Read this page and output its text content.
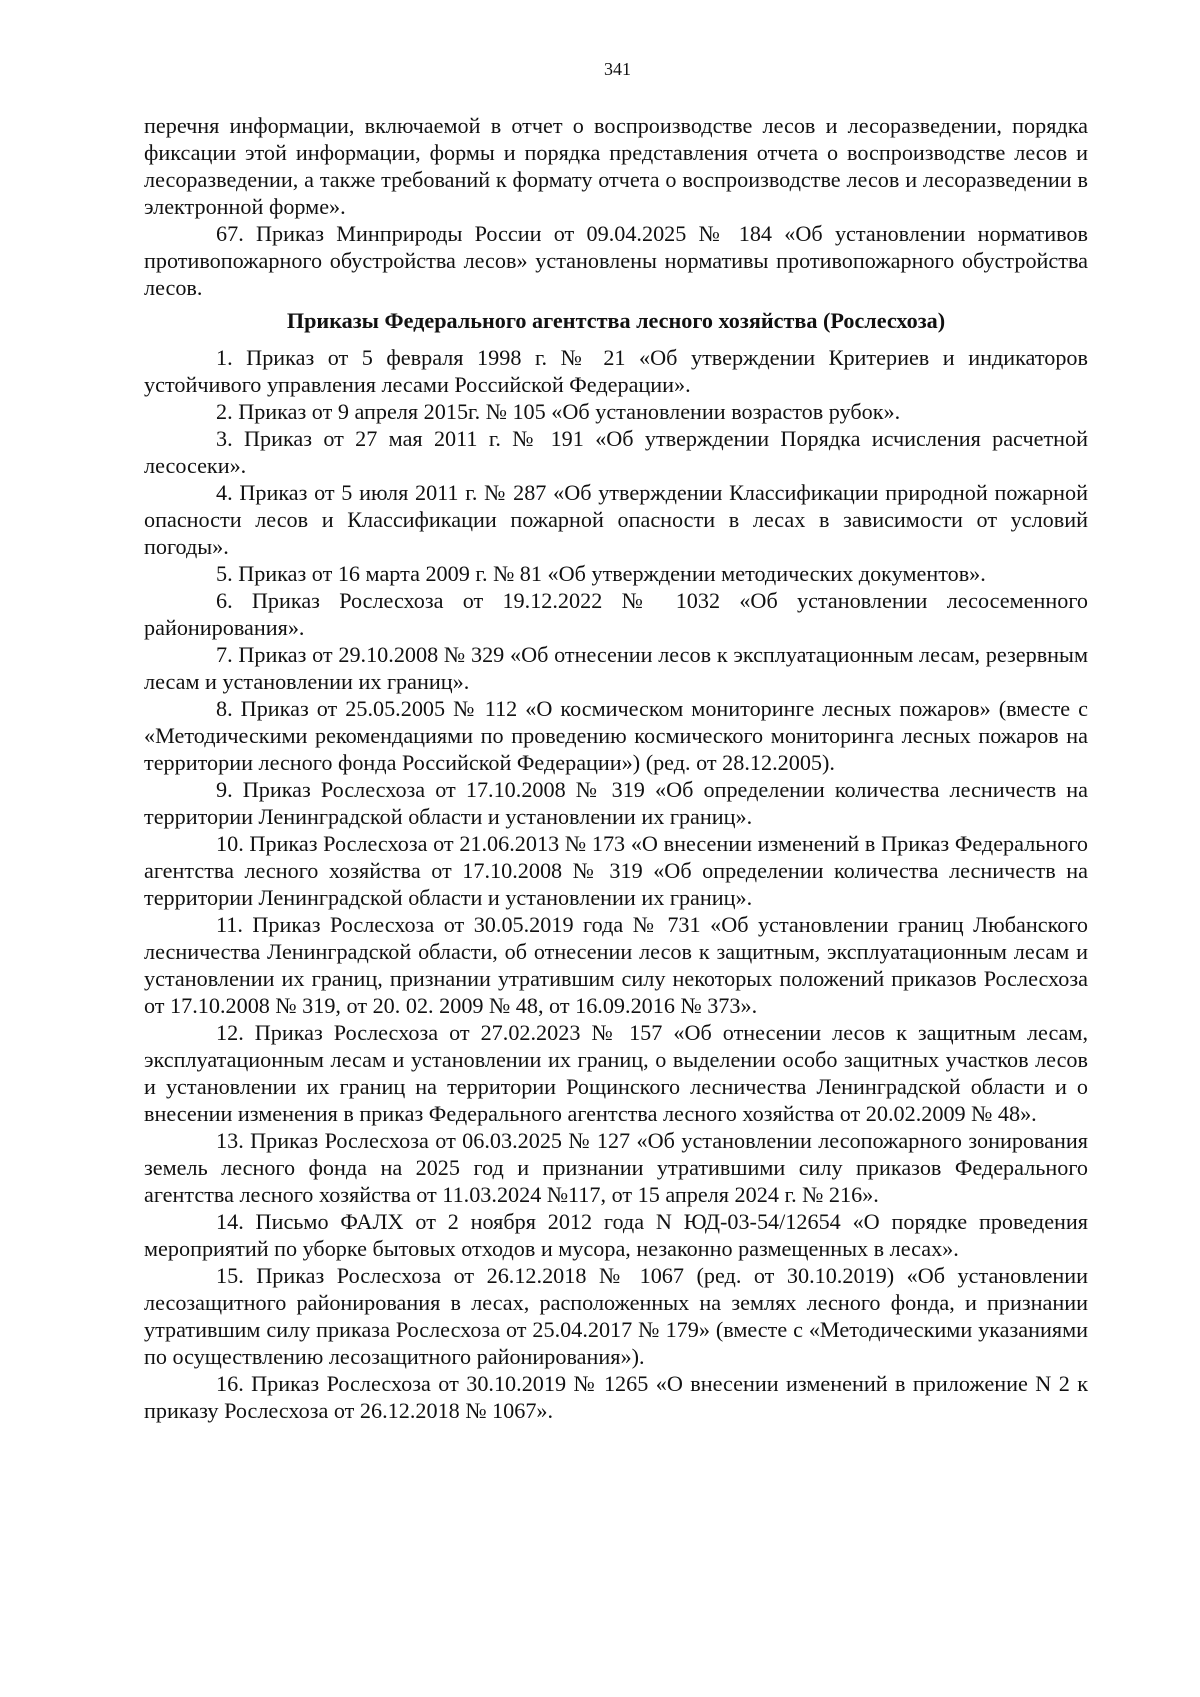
341

перечня информации, включаемой в отчет о воспроизводстве лесов и лесоразведении, порядка фиксации этой информации, формы и порядка представления отчета о воспроизводстве лесов и лесоразведении, а также требований к формату отчета о воспроизводстве лесов и лесоразведении в электронной форме».

67. Приказ Минприроды России от 09.04.2025 № 184 «Об установлении нормативов противопожарного обустройства лесов» установлены нормативы противопожарного обустройства лесов.

Приказы Федерального агентства лесного хозяйства (Рослесхоза)

1. Приказ от 5 февраля 1998 г. № 21 «Об утверждении Критериев и индикаторов устойчивого управления лесами Российской Федерации».

2. Приказ от 9 апреля 2015г. № 105 «Об установлении возрастов рубок».

3. Приказ от 27 мая 2011 г. № 191 «Об утверждении Порядка исчисления расчетной лесосеки».

4. Приказ от 5 июля 2011 г. № 287 «Об утверждении Классификации природной пожарной опасности лесов и Классификации пожарной опасности в лесах в зависимости от условий погоды».

5. Приказ от 16 марта 2009 г. № 81 «Об утверждении методических документов».

6. Приказ Рослесхоза от 19.12.2022 № 1032 «Об установлении лесосеменного районирования».

7. Приказ от 29.10.2008 № 329 «Об отнесении лесов к эксплуатационным лесам, резервным лесам и установлении их границ».

8. Приказ от 25.05.2005 № 112 «О космическом мониторинге лесных пожаров» (вместе с «Методическими рекомендациями по проведению космического мониторинга лесных пожаров на территории лесного фонда Российской Федерации») (ред. от 28.12.2005).

9. Приказ Рослесхоза от 17.10.2008 № 319 «Об определении количества лесничеств на территории Ленинградской области и установлении их границ».

10. Приказ Рослесхоза от 21.06.2013 № 173 «О внесении изменений в Приказ Федерального агентства лесного хозяйства от 17.10.2008 № 319 «Об определении количества лесничеств на территории Ленинградской области и установлении их границ».

11. Приказ Рослесхоза от 30.05.2019 года № 731 «Об установлении границ Любанского лесничества Ленинградской области, об отнесении лесов к защитным, эксплуатационным лесам и установлении их границ, признании утратившим силу некоторых положений приказов Рослесхоза от 17.10.2008 № 319, от 20. 02. 2009 № 48, от 16.09.2016 № 373».

12. Приказ Рослесхоза от 27.02.2023 № 157 «Об отнесении лесов к защитным лесам, эксплуатационным лесам и установлении их границ, о выделении особо защитных участков лесов и установлении их границ на территории Рощинского лесничества Ленинградской области и о внесении изменения в приказ Федерального агентства лесного хозяйства от 20.02.2009 № 48».

13. Приказ Рослесхоза от 06.03.2025 № 127 «Об установлении лесопожарного зонирования земель лесного фонда на 2025 год и признании утратившими силу приказов Федерального агентства лесного хозяйства от 11.03.2024 №117, от 15 апреля 2024 г. № 216».

14. Письмо ФАЛХ от 2 ноября 2012 года N ЮД-03-54/12654 «О порядке проведения мероприятий по уборке бытовых отходов и мусора, незаконно размещенных в лесах».

15. Приказ Рослесхоза от 26.12.2018 № 1067 (ред. от 30.10.2019) «Об установлении лесозащитного районирования в лесах, расположенных на землях лесного фонда, и признании утратившим силу приказа Рослесхоза от 25.04.2017 № 179» (вместе с «Методическими указаниями по осуществлению лесозащитного районирования»).

16. Приказ Рослесхоза от 30.10.2019 № 1265 «О внесении изменений в приложение N 2 к приказу Рослесхоза от 26.12.2018 № 1067».
